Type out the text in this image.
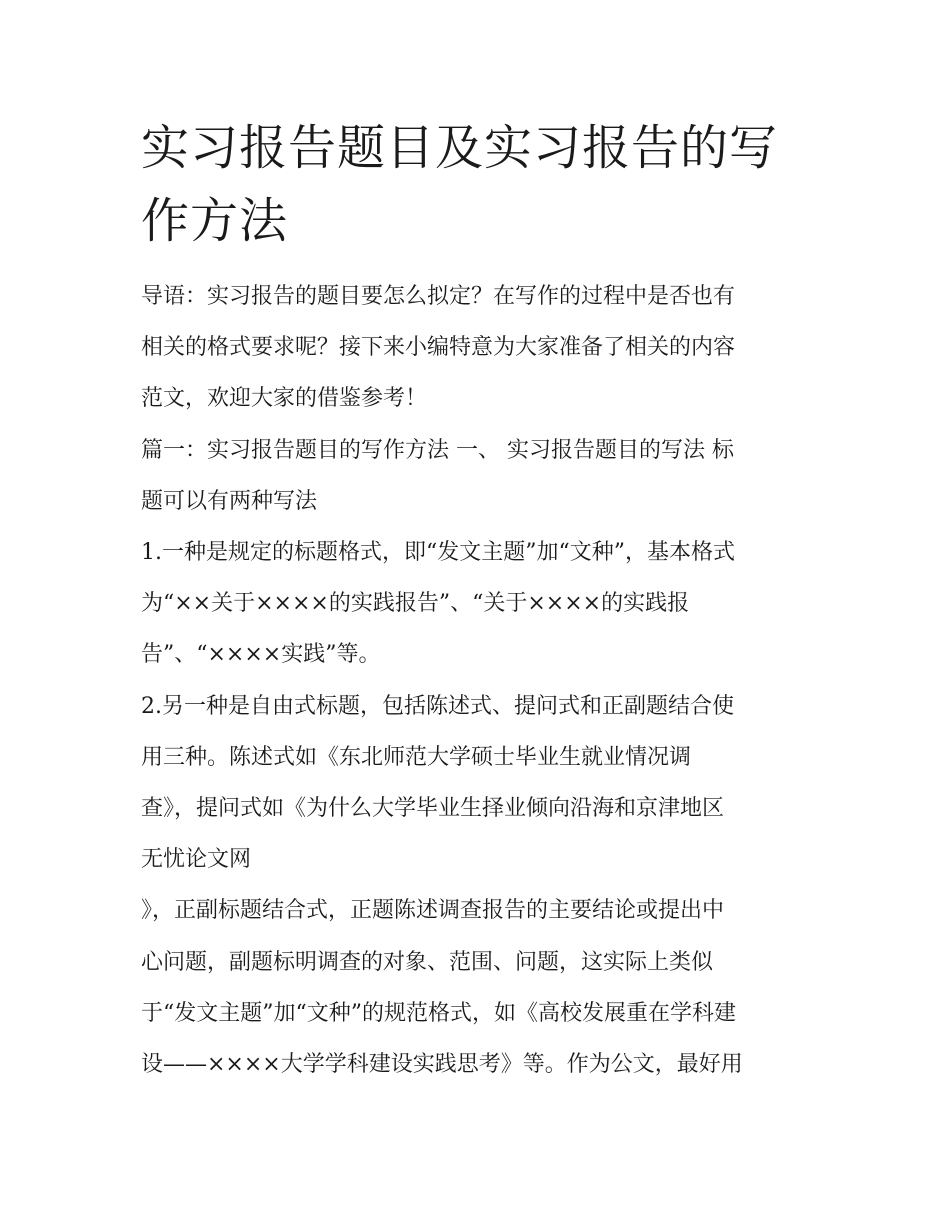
实习报告题目及实习报告的写
作方法
导语：实习报告的题目要怎么拟定？在写作的过程中是否也有
相关的格式要求呢？接下来小编特意为大家准备了相关的内容
范文，欢迎大家的借鉴参考！
篇一：实习报告题目的写作方法 一、 实习报告题目的写法 标
题可以有两种写法
1.一种是规定的标题格式，即“发文主题”加“文种”，基本格式
为“××关于××××的实践报告”、“关于××××的实践报
告”、“××××实践”等。
2.另一种是自由式标题，包括陈述式、提问式和正副题结合使
用三种。陈述式如《东北师范大学硕士毕业生就业情况调
查》，提问式如《为什么大学毕业生择业倾向沿海和京津地区
无忧论文网
》，正副标题结合式，正题陈述调查报告的主要结论或提出中
心问题，副题标明调查的对象、范围、问题，这实际上类似
于“发文主题”加“文种”的规范格式，如《高校发展重在学科建
设——××××大学学科建设实践思考》等。作为公文，最好用
